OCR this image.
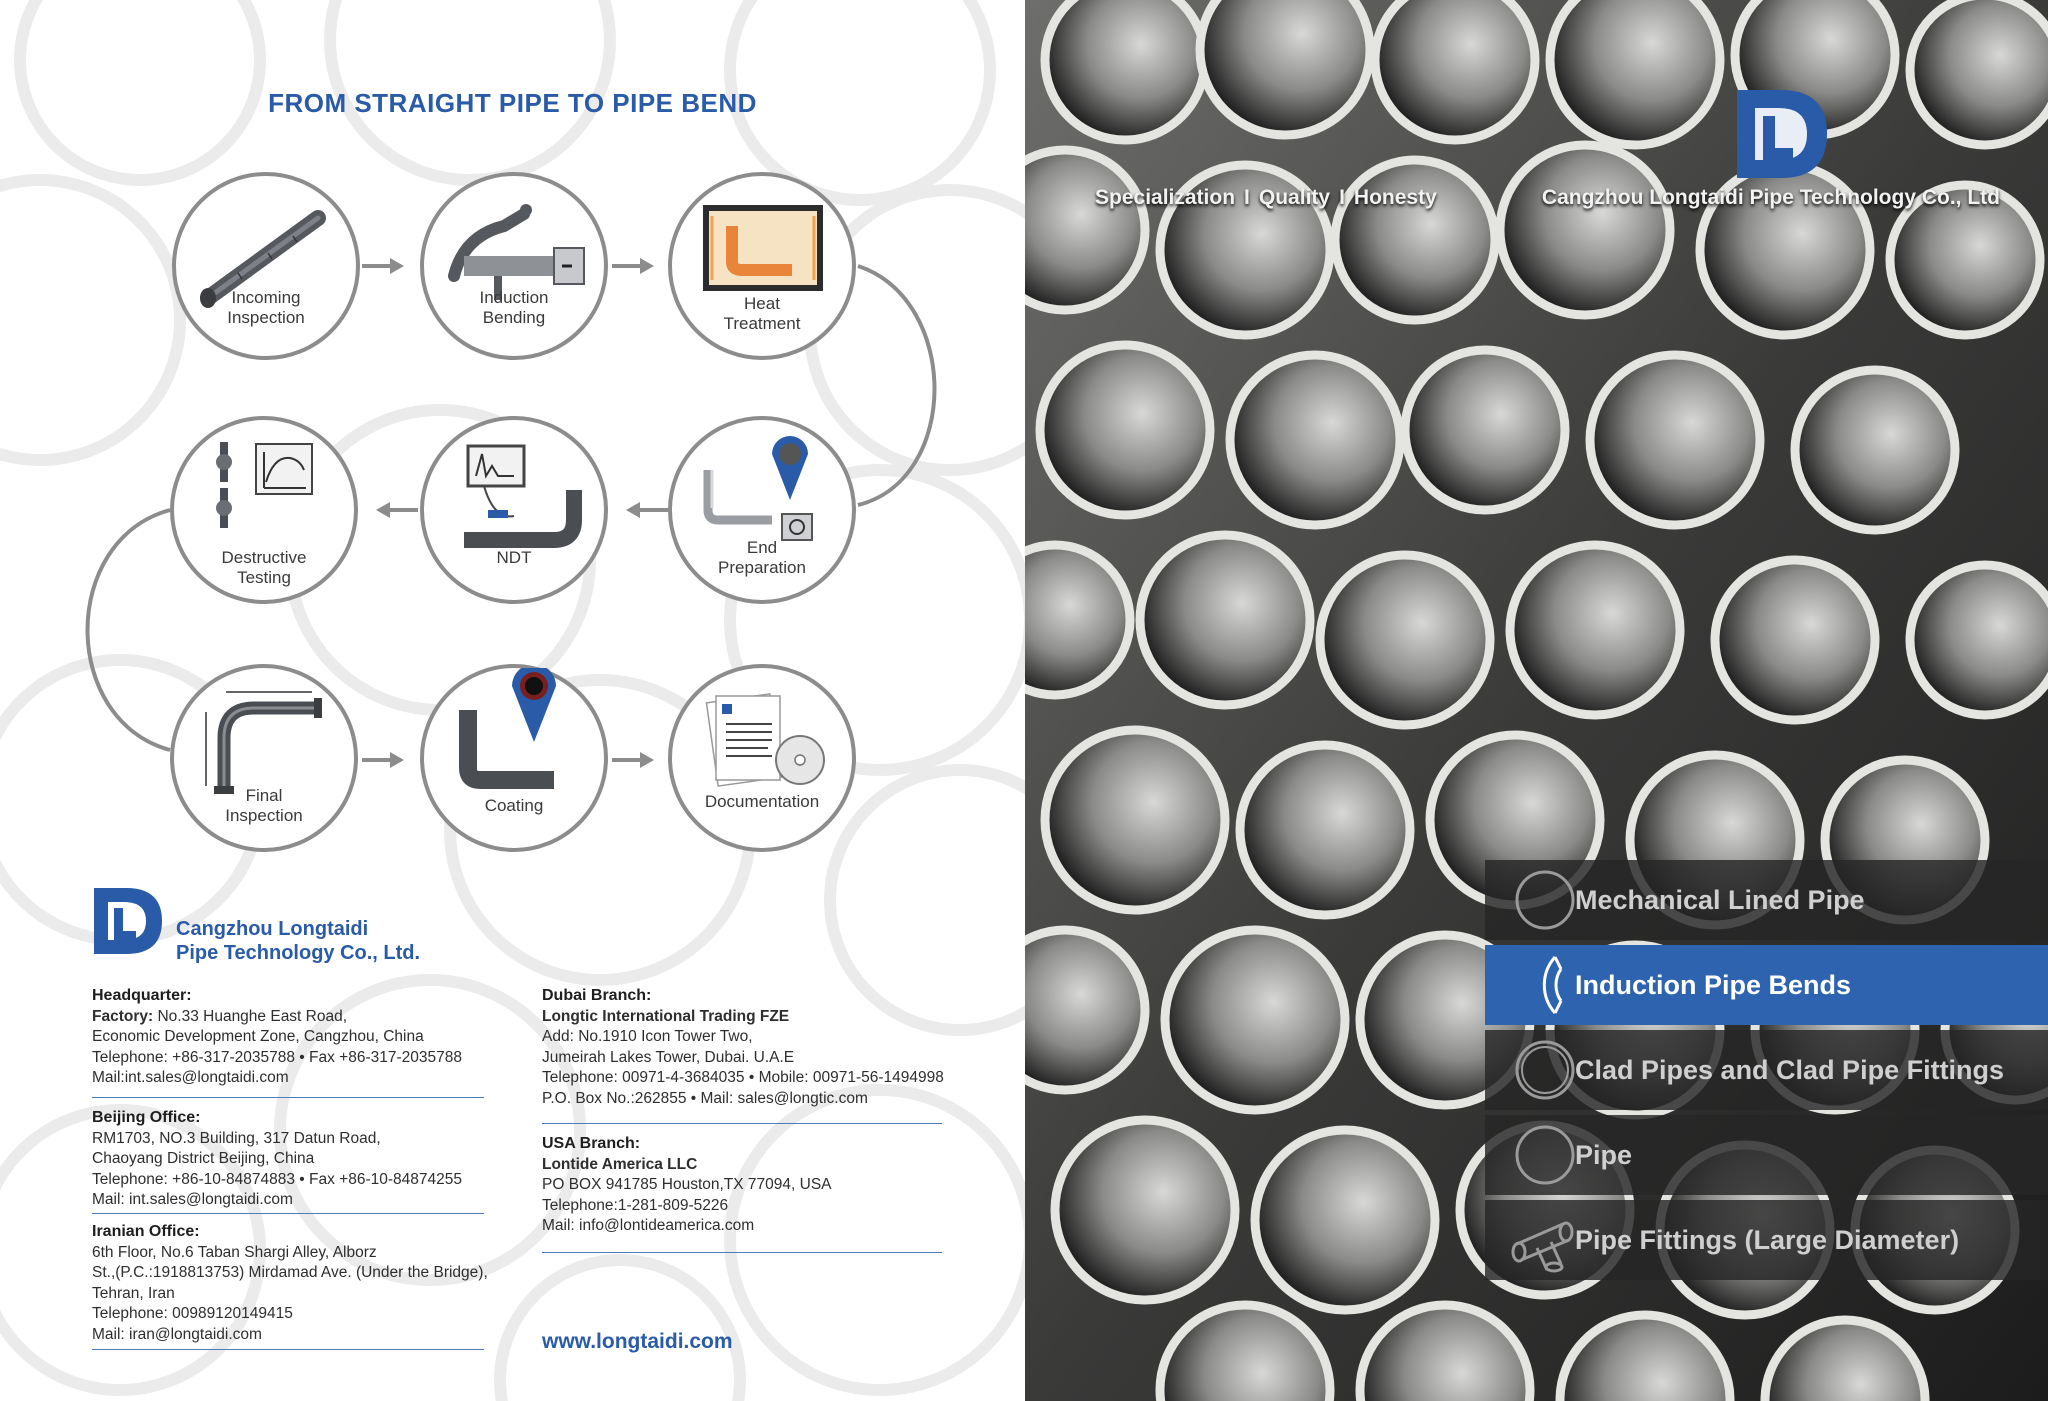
FROM STRAIGHT PIPE TO PIPE BEND
Incoming
Inspection
Induction
Bending
Heat
Treatment
End
Preparation
NDT
Destructive
Testing
Final
Inspection
Coating	Documentation
Cangzhou Longtaidi
Pipe Technology Co., Ltd.
Headquarter:
Factory: No.33 Huanghe East Road,
Economic Development Zone, Cangzhou, China
Telephone: +86-317-2035788 • Fax +86-317-2035788
Mail:int.sales@longtaidi.com
Beijing Office:
RM1703, NO.3 Building, 317 Datun Road,
Chaoyang District Beijing, China
Telephone: +86-10-84874883 • Fax +86-10-84874255
Mail: int.sales@longtaidi.com
Iranian Office:
6th Floor, No.6 Taban Shargi Alley, Alborz
St.,(P.C.:1918813753) Mirdamad Ave. (Under the Bridge),
Tehran, Iran
Telephone: 00989120149415
Mail: iran@longtaidi.com
Dubai Branch:
Longtic International Trading FZE
Add: No.1910 Icon Tower Two,
Jumeirah Lakes Tower, Dubai. U.A.E
Telephone: 00971-4-3684035 • Mobile: 00971-56-1494998
P.O. Box No.:262855 • Mail: sales@longtic.com
USA Branch:
Lontide America LLC
PO BOX 941785 Houston,TX 77094, USA
Telephone:1-281-809-5226
Mail: info@lontideamerica.com
www.longtaidi.com
Specialization I Quality I Honesty	Cangzhou Longtaidi Pipe Technology Co., Ltd
Mechanical Lined Pipe
Induction Pipe Bends
Clad Pipes and Clad Pipe Fittings
Pipe
Pipe Fittings (Large Diameter)
